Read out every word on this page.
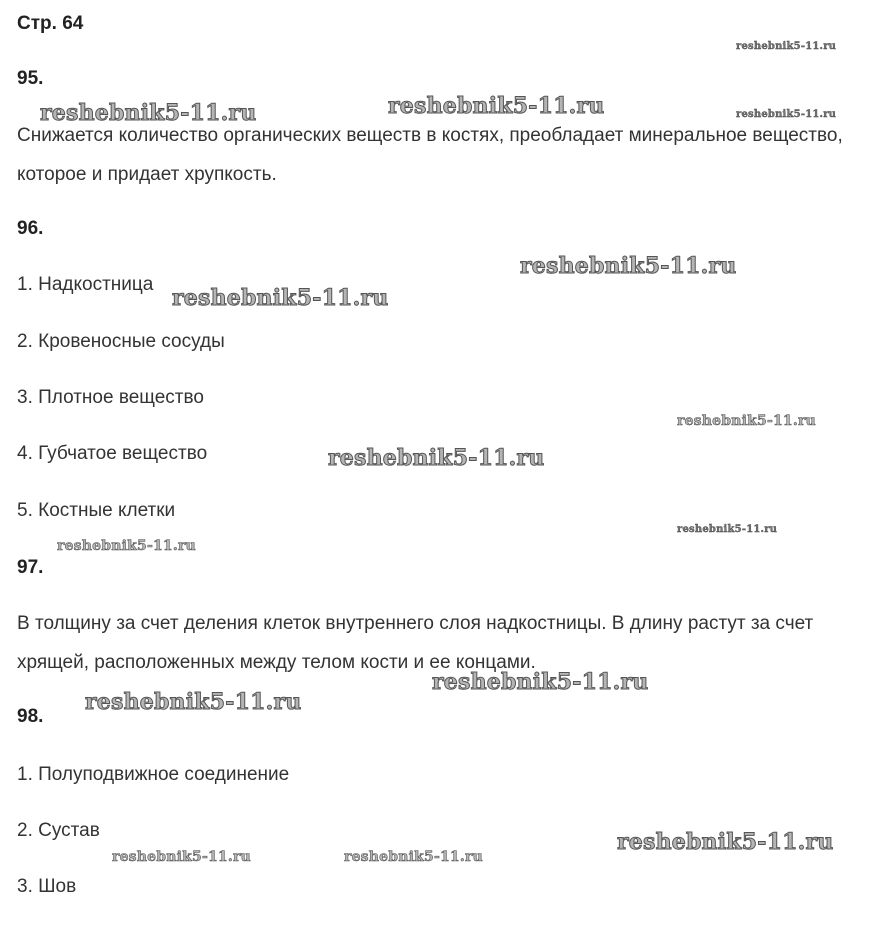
Стр. 64
95.
Снижается количество органических веществ в костях, преобладает минеральное вещество, которое и придает хрупкость.
96.
1. Надкостница
2. Кровеносные сосуды
3. Плотное вещество
4. Губчатое вещество
5. Костные клетки
97.
В толщину за счет деления клеток внутреннего слоя надкостницы. В длину растут за счет хрящей, расположенных между телом кости и ее концами.
98.
1. Полуподвижное соединение
2. Сустав
3. Шов
reshebnik5-11.ru
reshebnik5-11.ru	reshebnik5-11.ru	reshebnik5-11.ru
reshebnik5-11.ru
reshebnik5-11.ru
reshebnik5-11.ru
reshebnik5-11.ru
reshebnik5-11.ru
reshebnik5-11.ru
reshebnik5-11.ru
reshebnik5-11.ru
reshebnik5-11.ru
reshebnik5-11.ru	reshebnik5-11.ru
